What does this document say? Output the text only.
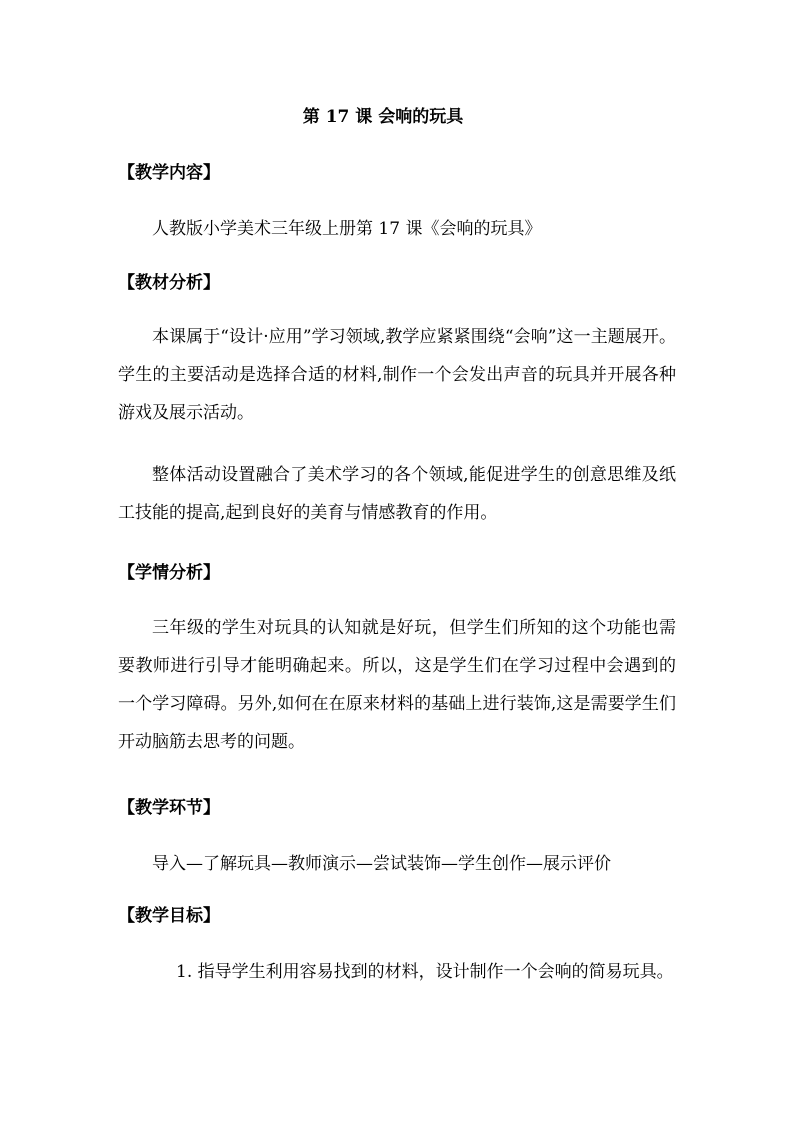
第 17 课 会响的玩具
【教学内容】
人教版小学美术三年级上册第 17 课《会响的玩具》
【教材分析】
本课属于“设计·应用”学习领域,教学应紧紧围绕“会响”这一主题展开。学生的主要活动是选择合适的材料,制作一个会发出声音的玩具并开展各种游戏及展示活动。
整体活动设置融合了美术学习的各个领域,能促进学生的创意思维及纸工技能的提高,起到良好的美育与情感教育的作用。
【学情分析】
三年级的学生对玩具的认知就是好玩，但学生们所知的这个功能也需要教师进行引导才能明确起来。所以，这是学生们在学习过程中会遇到的一个学习障碍。另外,如何在在原来材料的基础上进行装饰,这是需要学生们开动脑筋去思考的问题。
【教学环节】
导入—了解玩具—教师演示—尝试装饰—学生创作—展示评价
【教学目标】
1. 指导学生利用容易找到的材料，设计制作一个会响的简易玩具。
